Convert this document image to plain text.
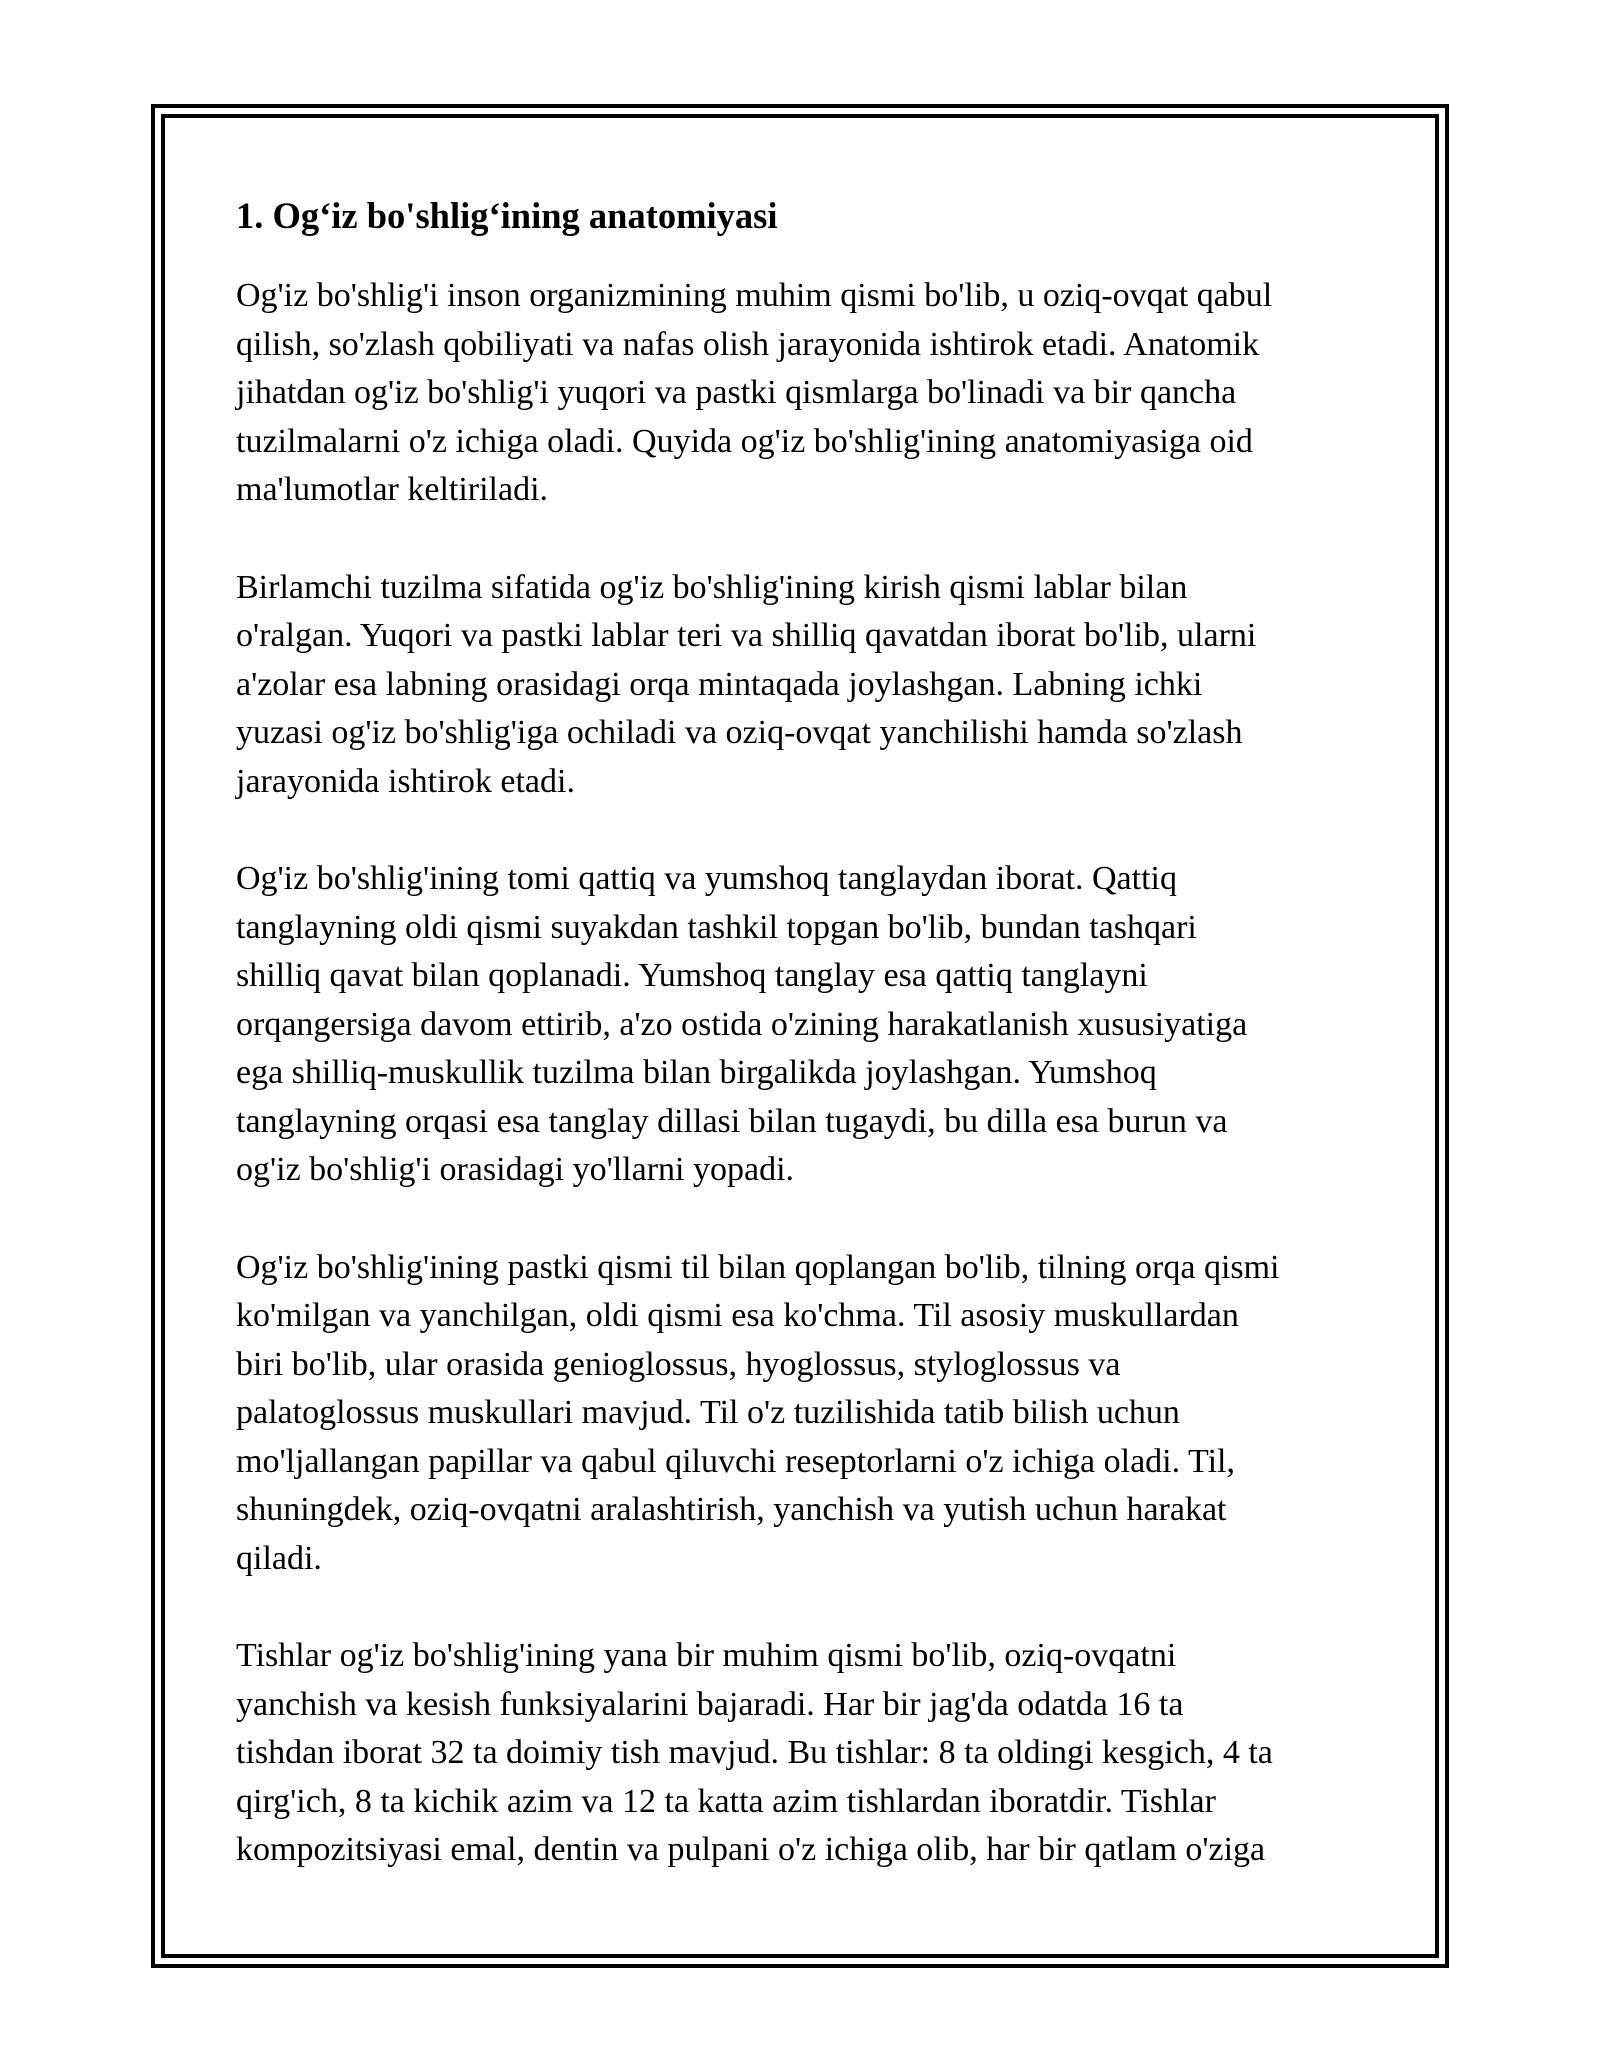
1. Og‘iz bo'shlig‘ining anatomiyasi

Og'iz bo'shlig'i inson organizmining muhim qismi bo'lib, u oziq-ovqat qabul
qilish, so'zlash qobiliyati va nafas olish jarayonida ishtirok etadi. Anatomik
jihatdan og'iz bo'shlig'i yuqori va pastki qismlarga bo'linadi va bir qancha
tuzilmalarni o'z ichiga oladi. Quyida og'iz bo'shlig'ining anatomiyasiga oid
ma'lumotlar keltiriladi.

Birlamchi tuzilma sifatida og'iz bo'shlig'ining kirish qismi lablar bilan
o'ralgan. Yuqori va pastki lablar teri va shilliq qavatdan iborat bo'lib, ularni
a'zolar esa labning orasidagi orqa mintaqada joylashgan. Labning ichki
yuzasi og'iz bo'shlig'iga ochiladi va oziq-ovqat yanchilishi hamda so'zlash
jarayonida ishtirok etadi.

Og'iz bo'shlig'ining tomi qattiq va yumshoq tanglaydan iborat. Qattiq
tanglayning oldi qismi suyakdan tashkil topgan bo'lib, bundan tashqari
shilliq qavat bilan qoplanadi. Yumshoq tanglay esa qattiq tanglayni
orqangersiga davom ettirib, a'zo ostida o'zining harakatlanish xususiyatiga
ega shilliq-muskullik tuzilma bilan birgalikda joylashgan. Yumshoq
tanglayning orqasi esa tanglay dillasi bilan tugaydi, bu dilla esa burun va
og'iz bo'shlig'i orasidagi yo'llarni yopadi.

Og'iz bo'shlig'ining pastki qismi til bilan qoplangan bo'lib, tilning orqa qismi
ko'milgan va yanchilgan, oldi qismi esa ko'chma. Til asosiy muskullardan
biri bo'lib, ular orasida genioglossus, hyoglossus, styloglossus va
palatoglossus muskullari mavjud. Til o'z tuzilishida tatib bilish uchun
mo'ljallangan papillar va qabul qiluvchi reseptorlarni o'z ichiga oladi. Til,
shuningdek, oziq-ovqatni aralashtirish, yanchish va yutish uchun harakat
qiladi.

Tishlar og'iz bo'shlig'ining yana bir muhim qismi bo'lib, oziq-ovqatni
yanchish va kesish funksiyalarini bajaradi. Har bir jag'da odatda 16 ta
tishdan iborat 32 ta doimiy tish mavjud. Bu tishlar: 8 ta oldingi kesgich, 4 ta
qirg'ich, 8 ta kichik azim va 12 ta katta azim tishlardan iboratdir. Tishlar
kompozitsiyasi emal, dentin va pulpani o'z ichiga olib, har bir qatlam o'ziga
